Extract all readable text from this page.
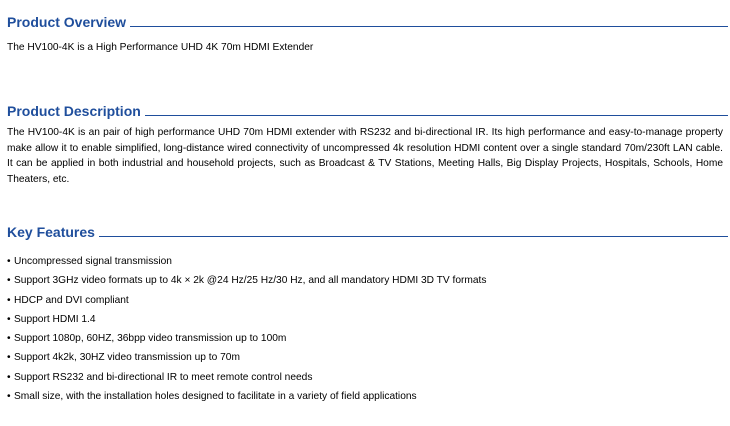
Product Overview

The HV100-4K is a High Performance UHD 4K 70m HDMI Extender

Product Description

The HV100-4K is an pair of high performance UHD 70m HDMI extender with RS232 and bi-directional IR. Its high performance and easy-to-manage property make allow it to enable simplified, long-distance wired connectivity of uncompressed 4k resolution HDMI content over a single standard 70m/230ft LAN cable. It can be applied in both industrial and household projects, such as Broadcast & TV Stations, Meeting Halls, Big Display Projects, Hospitals, Schools, Home Theaters, etc.

Key Features
• Uncompressed signal transmission
• Support 3GHz video formats up to 4k × 2k @24 Hz/25 Hz/30 Hz, and all mandatory HDMI 3D TV formats
• HDCP and DVI compliant
• Support HDMI 1.4
• Support 1080p, 60HZ, 36bpp video transmission up to 100m
• Support 4k2k, 30HZ video transmission up to 70m
• Support RS232 and bi-directional IR to meet remote control needs
• Small size, with the installation holes designed to facilitate in a variety of field applications
